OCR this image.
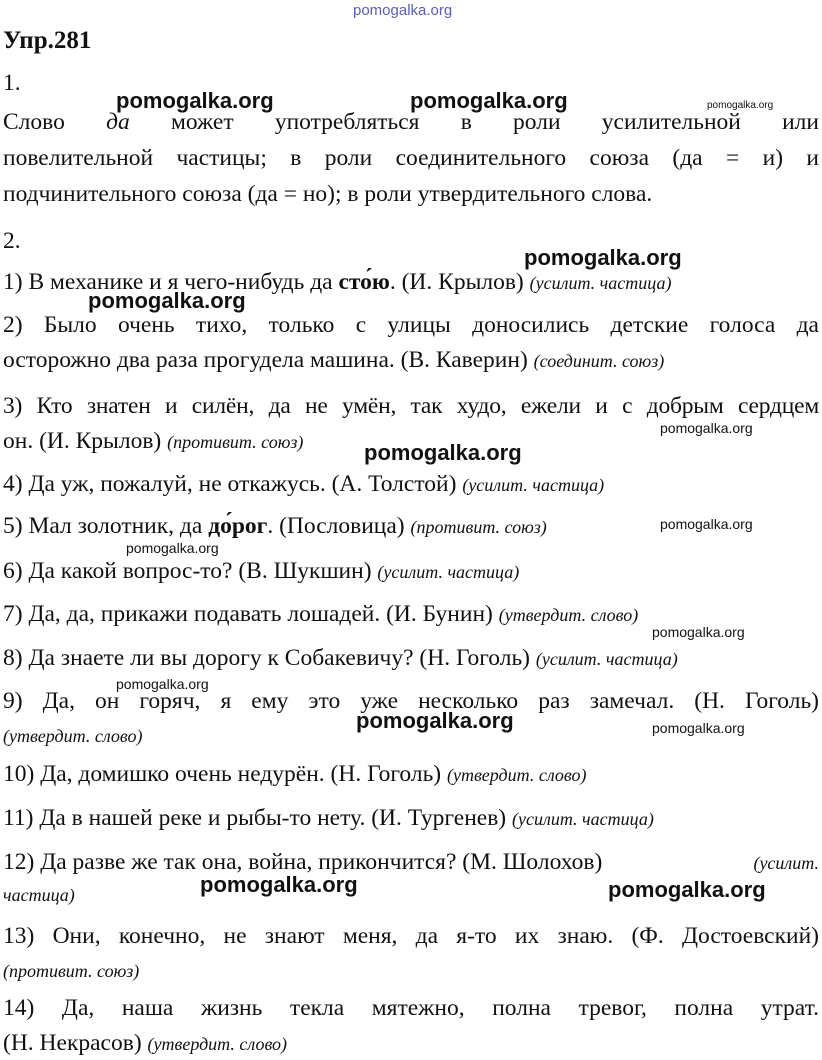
pomogalka.org
Упр.281
1.
Слово да может употребляться в роли усилительной или
повелительной частицы; в роли соединительного союза (да = и) и
подчинительного союза (да = но); в роли утвердительного слова.
2.
1) В механике и я чего-нибудь да сто́ю. (И. Крылов) (усилит. частица)
2) Было очень тихо, только с улицы доносились детские голоса да
осторожно два раза прогудела машина. (В. Каверин) (соединит. союз)
3) Кто знатен и силён, да не умён, так худо, ежели и с добрым сердцем
он. (И. Крылов) (противит. союз)
4) Да уж, пожалуй, не откажусь. (А. Толстой) (усилит. частица)
5) Мал золотник, да до́рог. (Пословица) (противит. союз)
6) Да какой вопрос-то? (В. Шукшин) (усилит. частица)
7) Да, да, прикажи подавать лошадей. (И. Бунин) (утвердит. слово)
8) Да знаете ли вы дорогу к Собакевичу? (Н. Гоголь) (усилит. частица)
9) Да, он горяч, я ему это уже несколько раз замечал. (Н. Гоголь)
(утвердит. слово)
10) Да, домишко очень недурён. (Н. Гоголь) (утвердит. слово)
11) Да в нашей реке и рыбы-то нету. (И. Тургенев) (усилит. частица)
12) Да разве же так она, война, прикончится? (М. Шолохов)	(усилит.
частица)
13) Они, конечно, не знают меня, да я-то их знаю. (Ф. Достоевский)
(противит. союз)
14) Да, наша жизнь текла мятежно, полна тревог, полна утрат.
(Н. Некрасов) (утвердит. слово)
pomogalka.org	pomogalka.org	pomogalka.org
pomogalka.org
pomogalka.org
pomogalka.org
pomogalka.org
pomogalka.org
pomogalka.org
pomogalka.org
pomogalka.org
pomogalka.org	pomogalka.org
pomogalka.org	pomogalka.org
